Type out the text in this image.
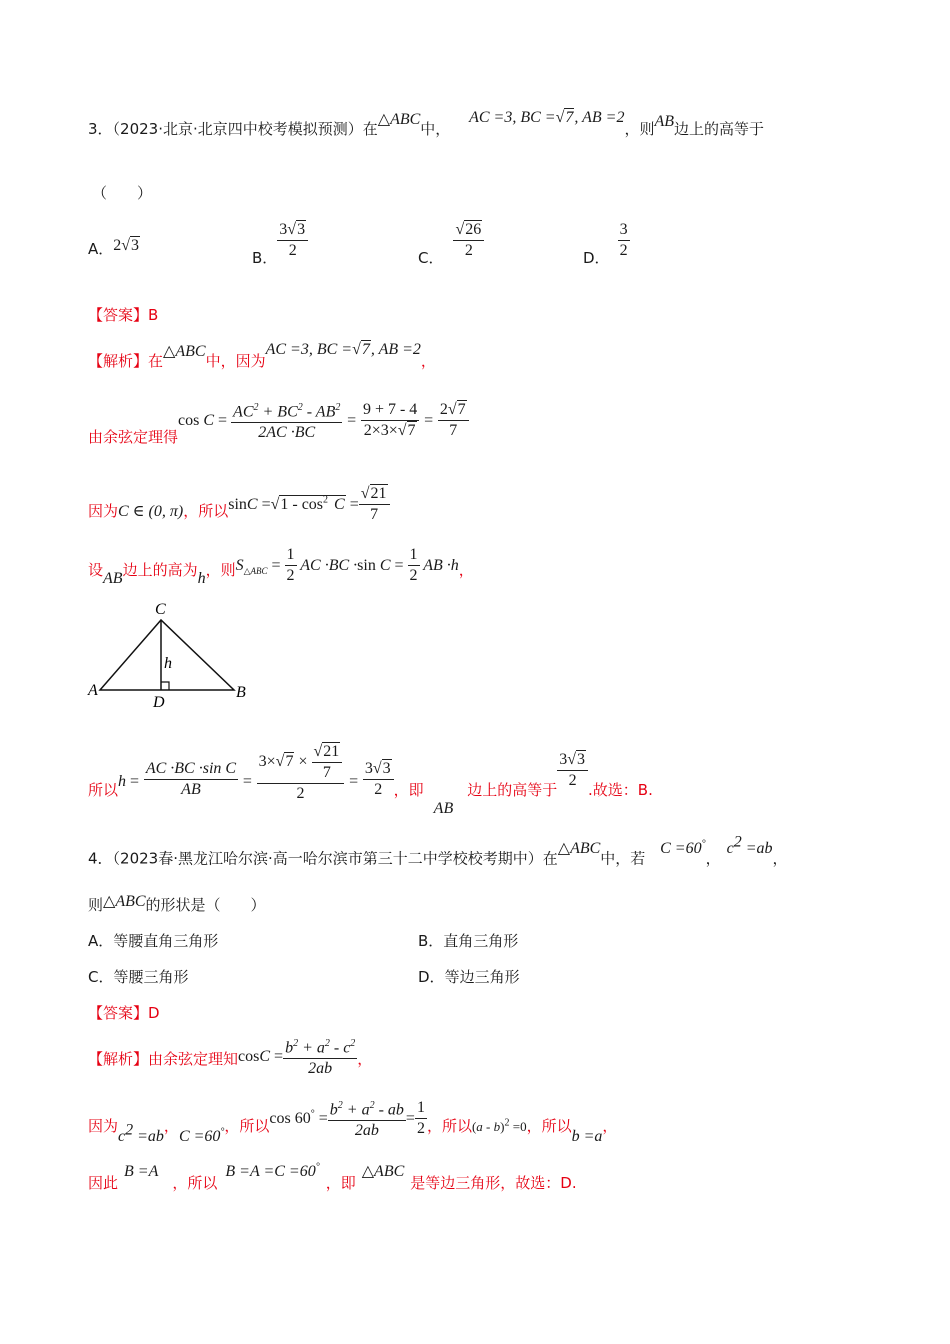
3．（2023·北京·北京四中校考模拟预测）在△ABC中， AC =3, BC =√7, AB =2，则AB边上的高等于
（　　）
A．2√3
B． $\frac{3√3}{2}$	C． $\frac{√26}{2}$	D． $\frac{3}{2}$
【答案】B
【解析】在△ABC中，因为AC =3, BC =√7, AB =2，
由余弦定理得$\cos C = \frac{AC^2 + BC^2 - AB^2}{2AC \cdot BC} = \frac{9 + 7 - 4}{2\times 3\times√7} = \frac{2√7}{7}$
因为C ∈ (0, π)，所以$\sin C =√1 - \cos^2 C = \frac{√21}{7}$
设AB边上的高为h，则$S_{\triangle ABC} = \frac{1}{2}$ AC ·BC ·sin $C = \frac{1}{2}$ AB ·h，
C
A	B
D
h
所以$h = \frac{\text{AC ·BC ·sin C}}{AB} = \frac{3\times√7 \times \frac{√21}{7}}{2} = \frac{3√3}{2}$ ，即AB边上的高等于 $\frac{3√3}{2}$ .故选：B.
4．（2023春·黑龙江哈尔滨·高一哈尔滨市第三十二中学校校考期中）在△ABC中，若 C =60°，$c^2 =ab$，
则△ABC的形状是（　　）
A．等腰直角三角形	B．直角三角形
C．等腰三角形	D．等边三角形
【答案】D
【解析】由余弦定理知$\cos C = \frac{b^2 + a^2 - c^2}{2ab}$ ，
因为$c^2 =ab$，C =60°，所以$\cos 60^\circ = \frac{b^2 + a^2 - ab}{2ab} = \frac{1}{2}$ ，所以(a - b)$^2$ =0，所以b =a，
因此B =A，所以B =A =C =60°，即△ABC是等边三角形，故选：D.
